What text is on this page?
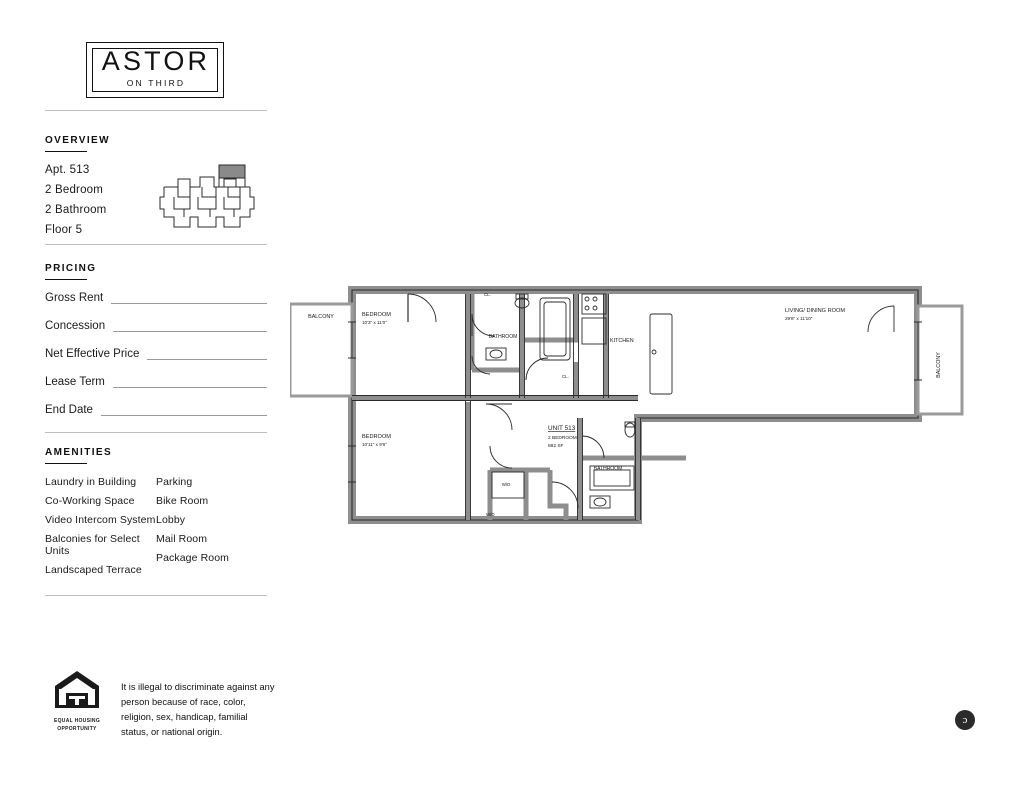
ASTOR
ON THIRD
OVERVIEW
Apt. 513
2 Bedroom
2 Bathroom
Floor 5
PRICING
Gross Rent
Concession
Net Effective Price
Lease Term
End Date
AMENITIES
Laundry in Building
Co-Working Space
Video Intercom System
Balconies for Select Units
Landscaped Terrace
Parking
Bike Room
Lobby
Mail Room
Package Room
EQUAL HOUSING
OPPORTUNITY
It is illegal to discriminate against any person because of race, color, religion, sex, handicap, familial status, or national origin.
ɔ
BALCONY
BALCONY
BEDROOM
10'3" x 11'0"
BEDROOM
10'11" x 9'6"
LIVING/ DINING ROOM
29'8" x 11'10"
KITCHEN
BATHROOM
BATHROOM
CL.
CL.
W/D
W/D
UNIT 513
2 BEDROOM
882 SF
